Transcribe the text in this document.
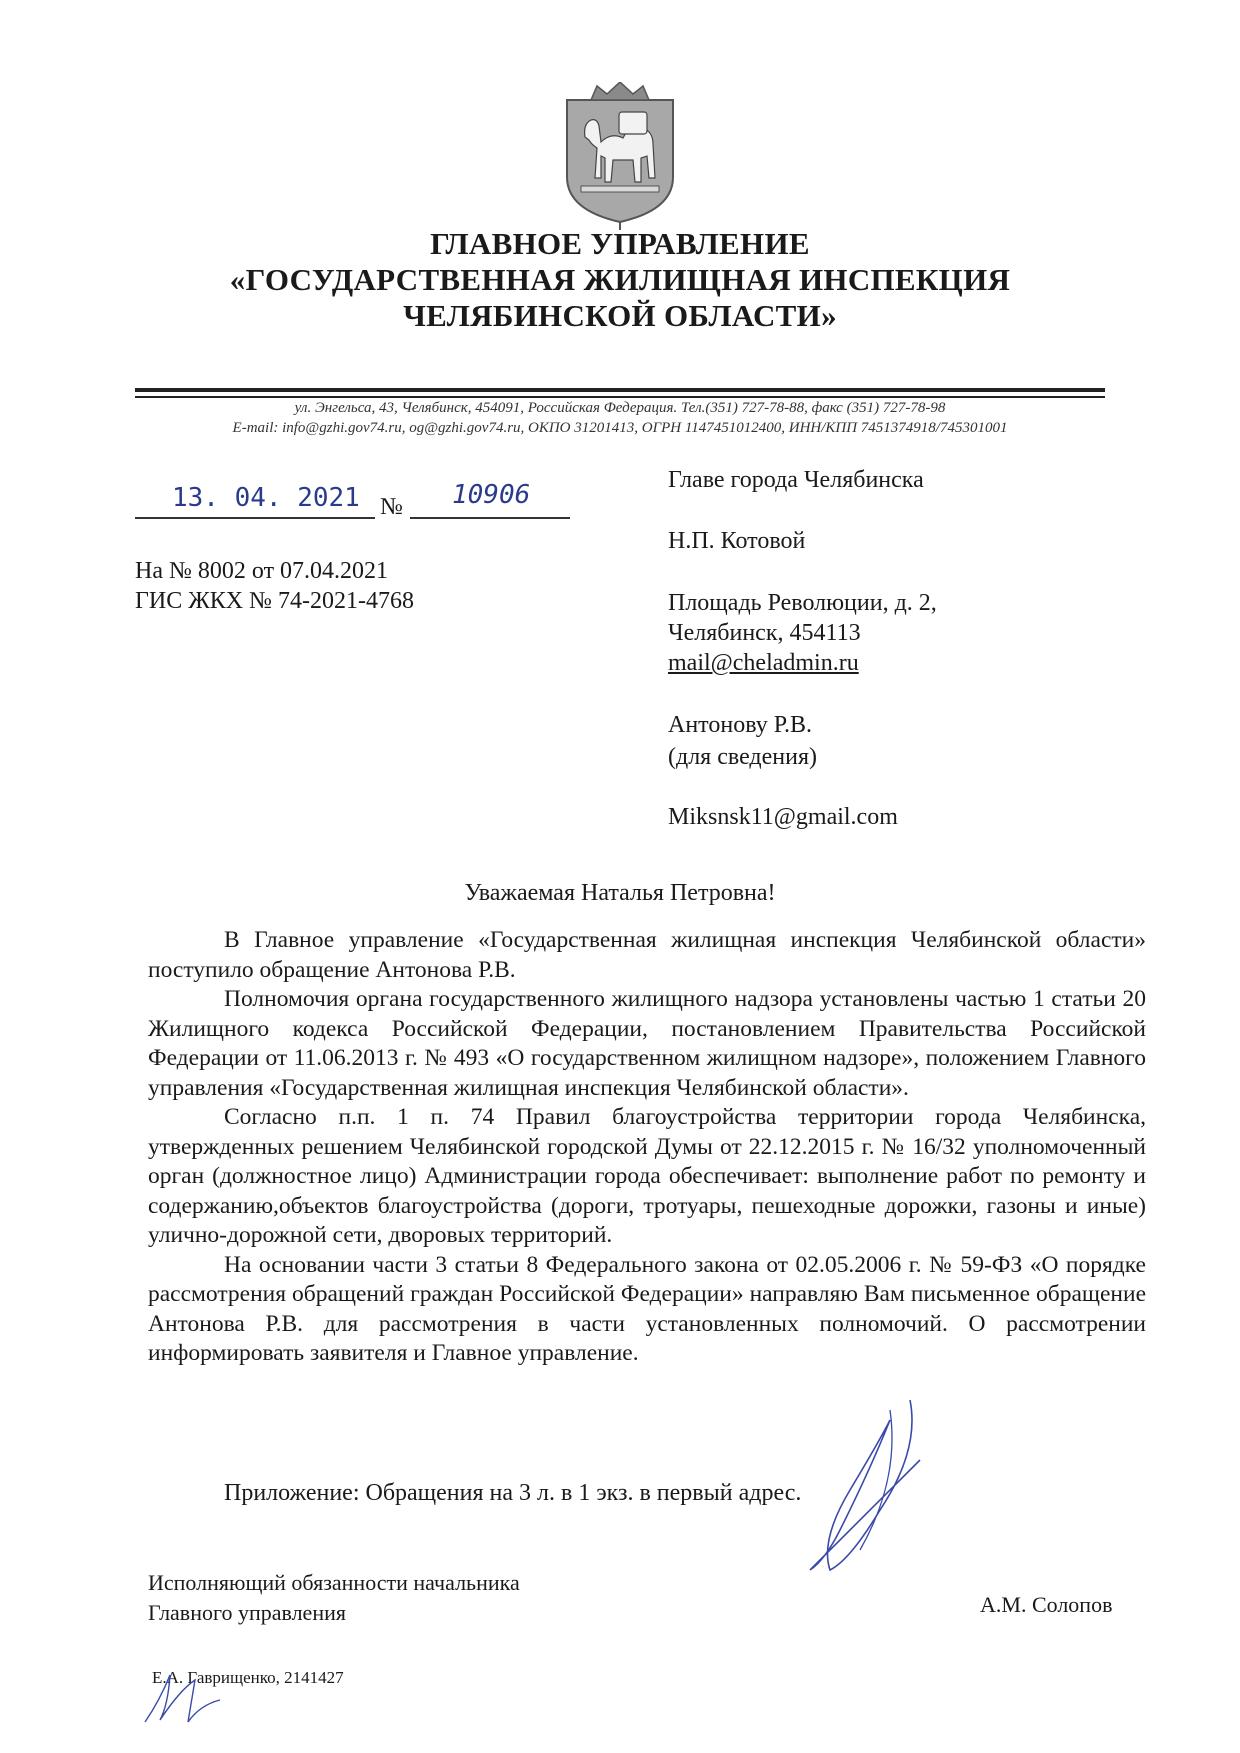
ГЛАВНОЕ УПРАВЛЕНИЕ
«ГОСУДАРСТВЕННАЯ ЖИЛИЩНАЯ ИНСПЕКЦИЯ
ЧЕЛЯБИНСКОЙ ОБЛАСТИ»
ул. Энгельса, 43, Челябинск, 454091, Российская Федерация. Тел.(351) 727-78-88, факс (351) 727-78-98
E-mail: info@gzhi.gov74.ru, og@gzhi.gov74.ru, ОКПО 31201413, ОГРН 1147451012400, ИНН/КПП 7451374918/745301001
13. 04. 2021 № 10906
На № 8002 от 07.04.2021
ГИС ЖКХ № 74-2021-4768
Главе города Челябинска
Н.П. Котовой
Площадь Революции, д. 2,
Челябинск, 454113
mail@cheladmin.ru
Антонову Р.В.
(для сведения)
Miksnsk11@gmail.com
Уважаемая Наталья Петровна!

В Главное управление «Государственная жилищная инспекция Челябинской области» поступило обращение Антонова Р.В.

Полномочия органа государственного жилищного надзора установлены частью 1 статьи 20 Жилищного кодекса Российской Федерации, постановлением Правительства Российской Федерации от 11.06.2013 г. № 493 «О государственном жилищном надзоре», положением Главного управления «Государственная жилищная инспекция Челябинской области».

Согласно п.п. 1 п. 74 Правил благоустройства территории города Челябинска, утвержденных решением Челябинской городской Думы от 22.12.2015 г. № 16/32 уполномоченный орган (должностное лицо) Администрации города обеспечивает: выполнение работ по ремонту и содержанию,объектов благоустройства (дороги, тротуары, пешеходные дорожки, газоны и иные) улично-дорожной сети, дворовых территорий.

На основании части 3 статьи 8 Федерального закона от 02.05.2006 г. № 59-ФЗ «О порядке рассмотрения обращений граждан Российской Федерации» направляю Вам письменное обращение Антонова Р.В. для рассмотрения в части установленных полномочий. О рассмотрении информировать заявителя и Главное управление.

Приложение: Обращения на 3 л. в 1 экз. в первый адрес.
Исполняющий обязанности начальника
Главного управления	А.М. Солопов
Е.А. Гаврищенко, 2141427
